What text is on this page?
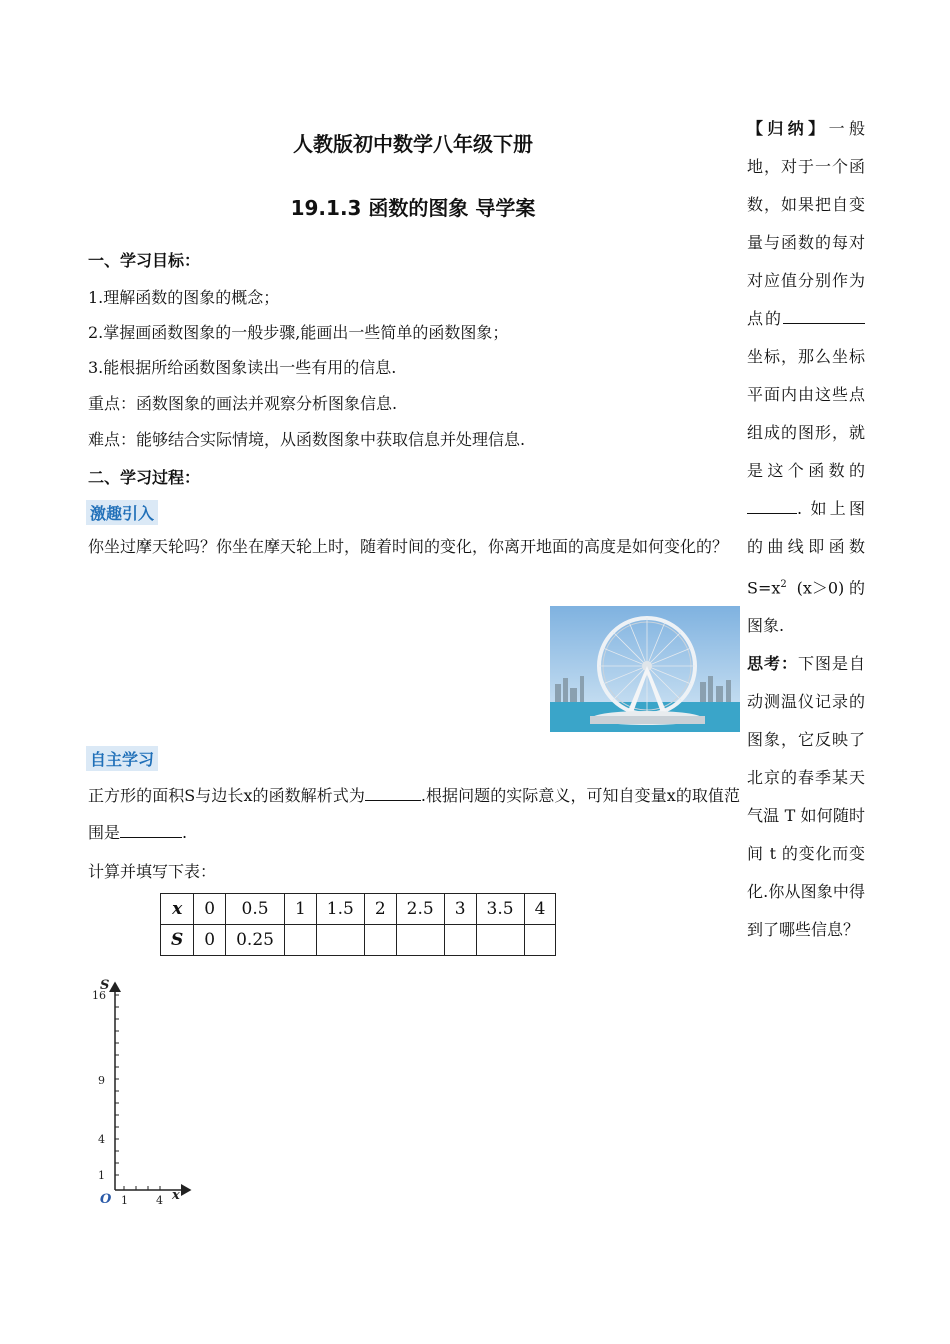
人教版初中数学八年级下册
19.1.3 函数的图象 导学案
一、学习目标：
1.理解函数的图象的概念；
2.掌握画函数图象的一般步骤,能画出一些简单的函数图象；
3.能根据所给函数图象读出一些有用的信息.
重点：函数图象的画法并观察分析图象信息.
难点：能够结合实际情境，从函数图象中获取信息并处理信息.
二、学习过程：
激趣引入
你坐过摩天轮吗？你坐在摩天轮上时，随着时间的变化，你离开地面的高度是如何变化的？
自主学习
正方形的面积S与边长x的函数解析式为	.根据问题的实际意义，可知自变量x的取值范围是	.
计算并填写下表：
x	0	0.5	1	1.5	2	2.5	3	3.5	4
S	0	0.25							
S
16
9
4
1
O 1	4 x
【归纳】一般地，对于一个函数，如果把自变量与函数的每对对应值分别作为点的 坐标，那么坐标平面内由这些点组成的图形，就是这个函数的. 如上图的曲线即函数 $S=x^2$ (x＞0)的图象.
思考：下图是自动测温仪记录的图象，它反映了北京的春季某天气温 T 如何随时间 t 的变化而变化.你从图象中得到了哪些信息？
